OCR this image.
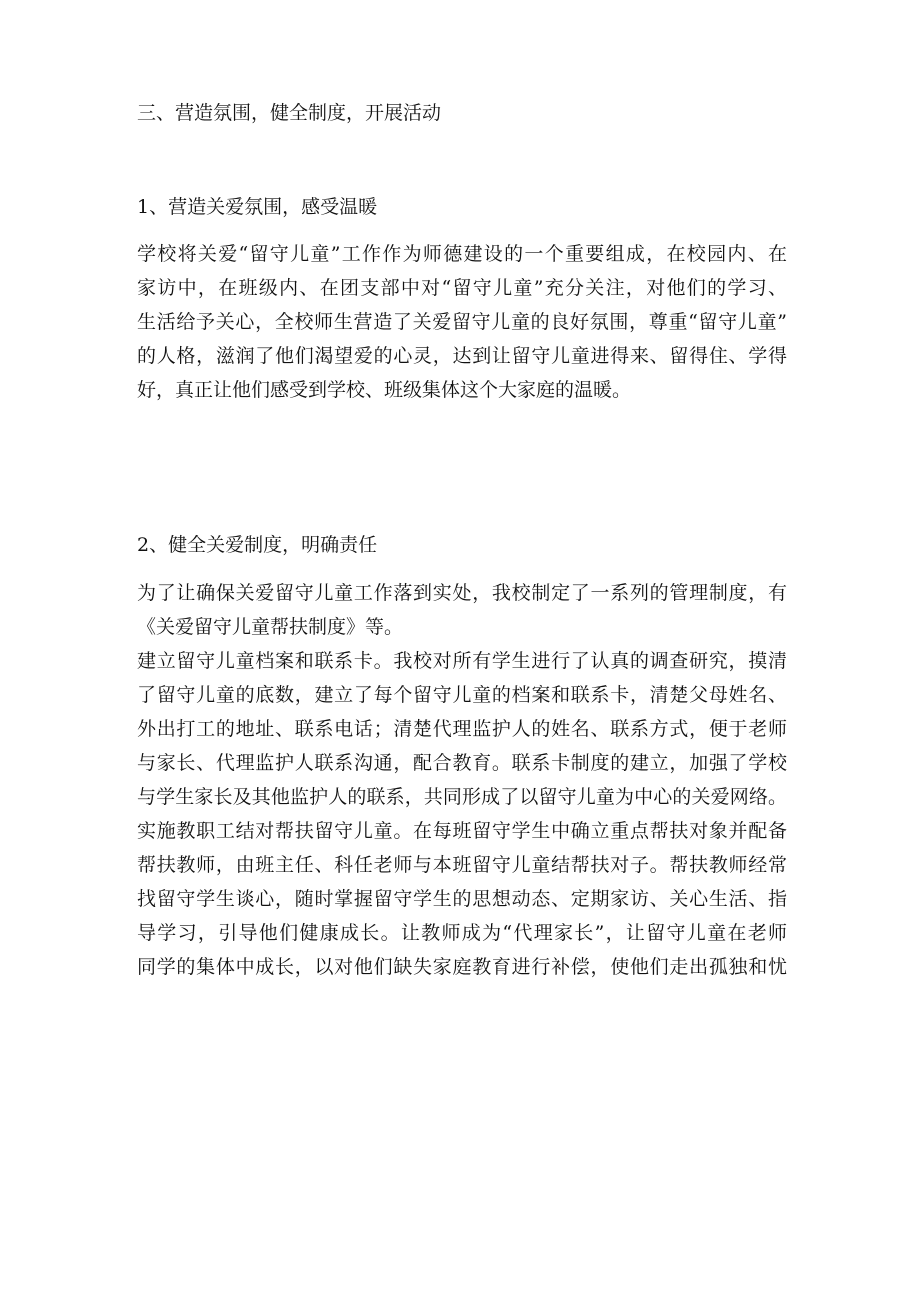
三、营造氛围，健全制度，开展活动
1、营造关爱氛围，感受温暖
学校将关爱“留守儿童”工作作为师德建设的一个重要组成，在校园内、在
家访中，在班级内、在团支部中对“留守儿童”充分关注，对他们的学习、
生活给予关心，全校师生营造了关爱留守儿童的良好氛围，尊重“留守儿童”
的人格，滋润了他们渴望爱的心灵，达到让留守儿童进得来、留得住、学得
好，真正让他们感受到学校、班级集体这个大家庭的温暖。
2、健全关爱制度，明确责任
为了让确保关爱留守儿童工作落到实处，我校制定了一系列的管理制度，有
《关爱留守儿童帮扶制度》等。
建立留守儿童档案和联系卡。我校对所有学生进行了认真的调查研究，摸清
了留守儿童的底数，建立了每个留守儿童的档案和联系卡，清楚父母姓名、
外出打工的地址、联系电话；清楚代理监护人的姓名、联系方式，便于老师
与家长、代理监护人联系沟通，配合教育。联系卡制度的建立，加强了学校
与学生家长及其他监护人的联系，共同形成了以留守儿童为中心的关爱网络。
实施教职工结对帮扶留守儿童。在每班留守学生中确立重点帮扶对象并配备
帮扶教师，由班主任、科任老师与本班留守儿童结帮扶对子。帮扶教师经常
找留守学生谈心，随时掌握留守学生的思想动态、定期家访、关心生活、指
导学习，引导他们健康成长。让教师成为“代理家长”，让留守儿童在老师
同学的集体中成长，以对他们缺失家庭教育进行补偿，使他们走出孤独和忧
